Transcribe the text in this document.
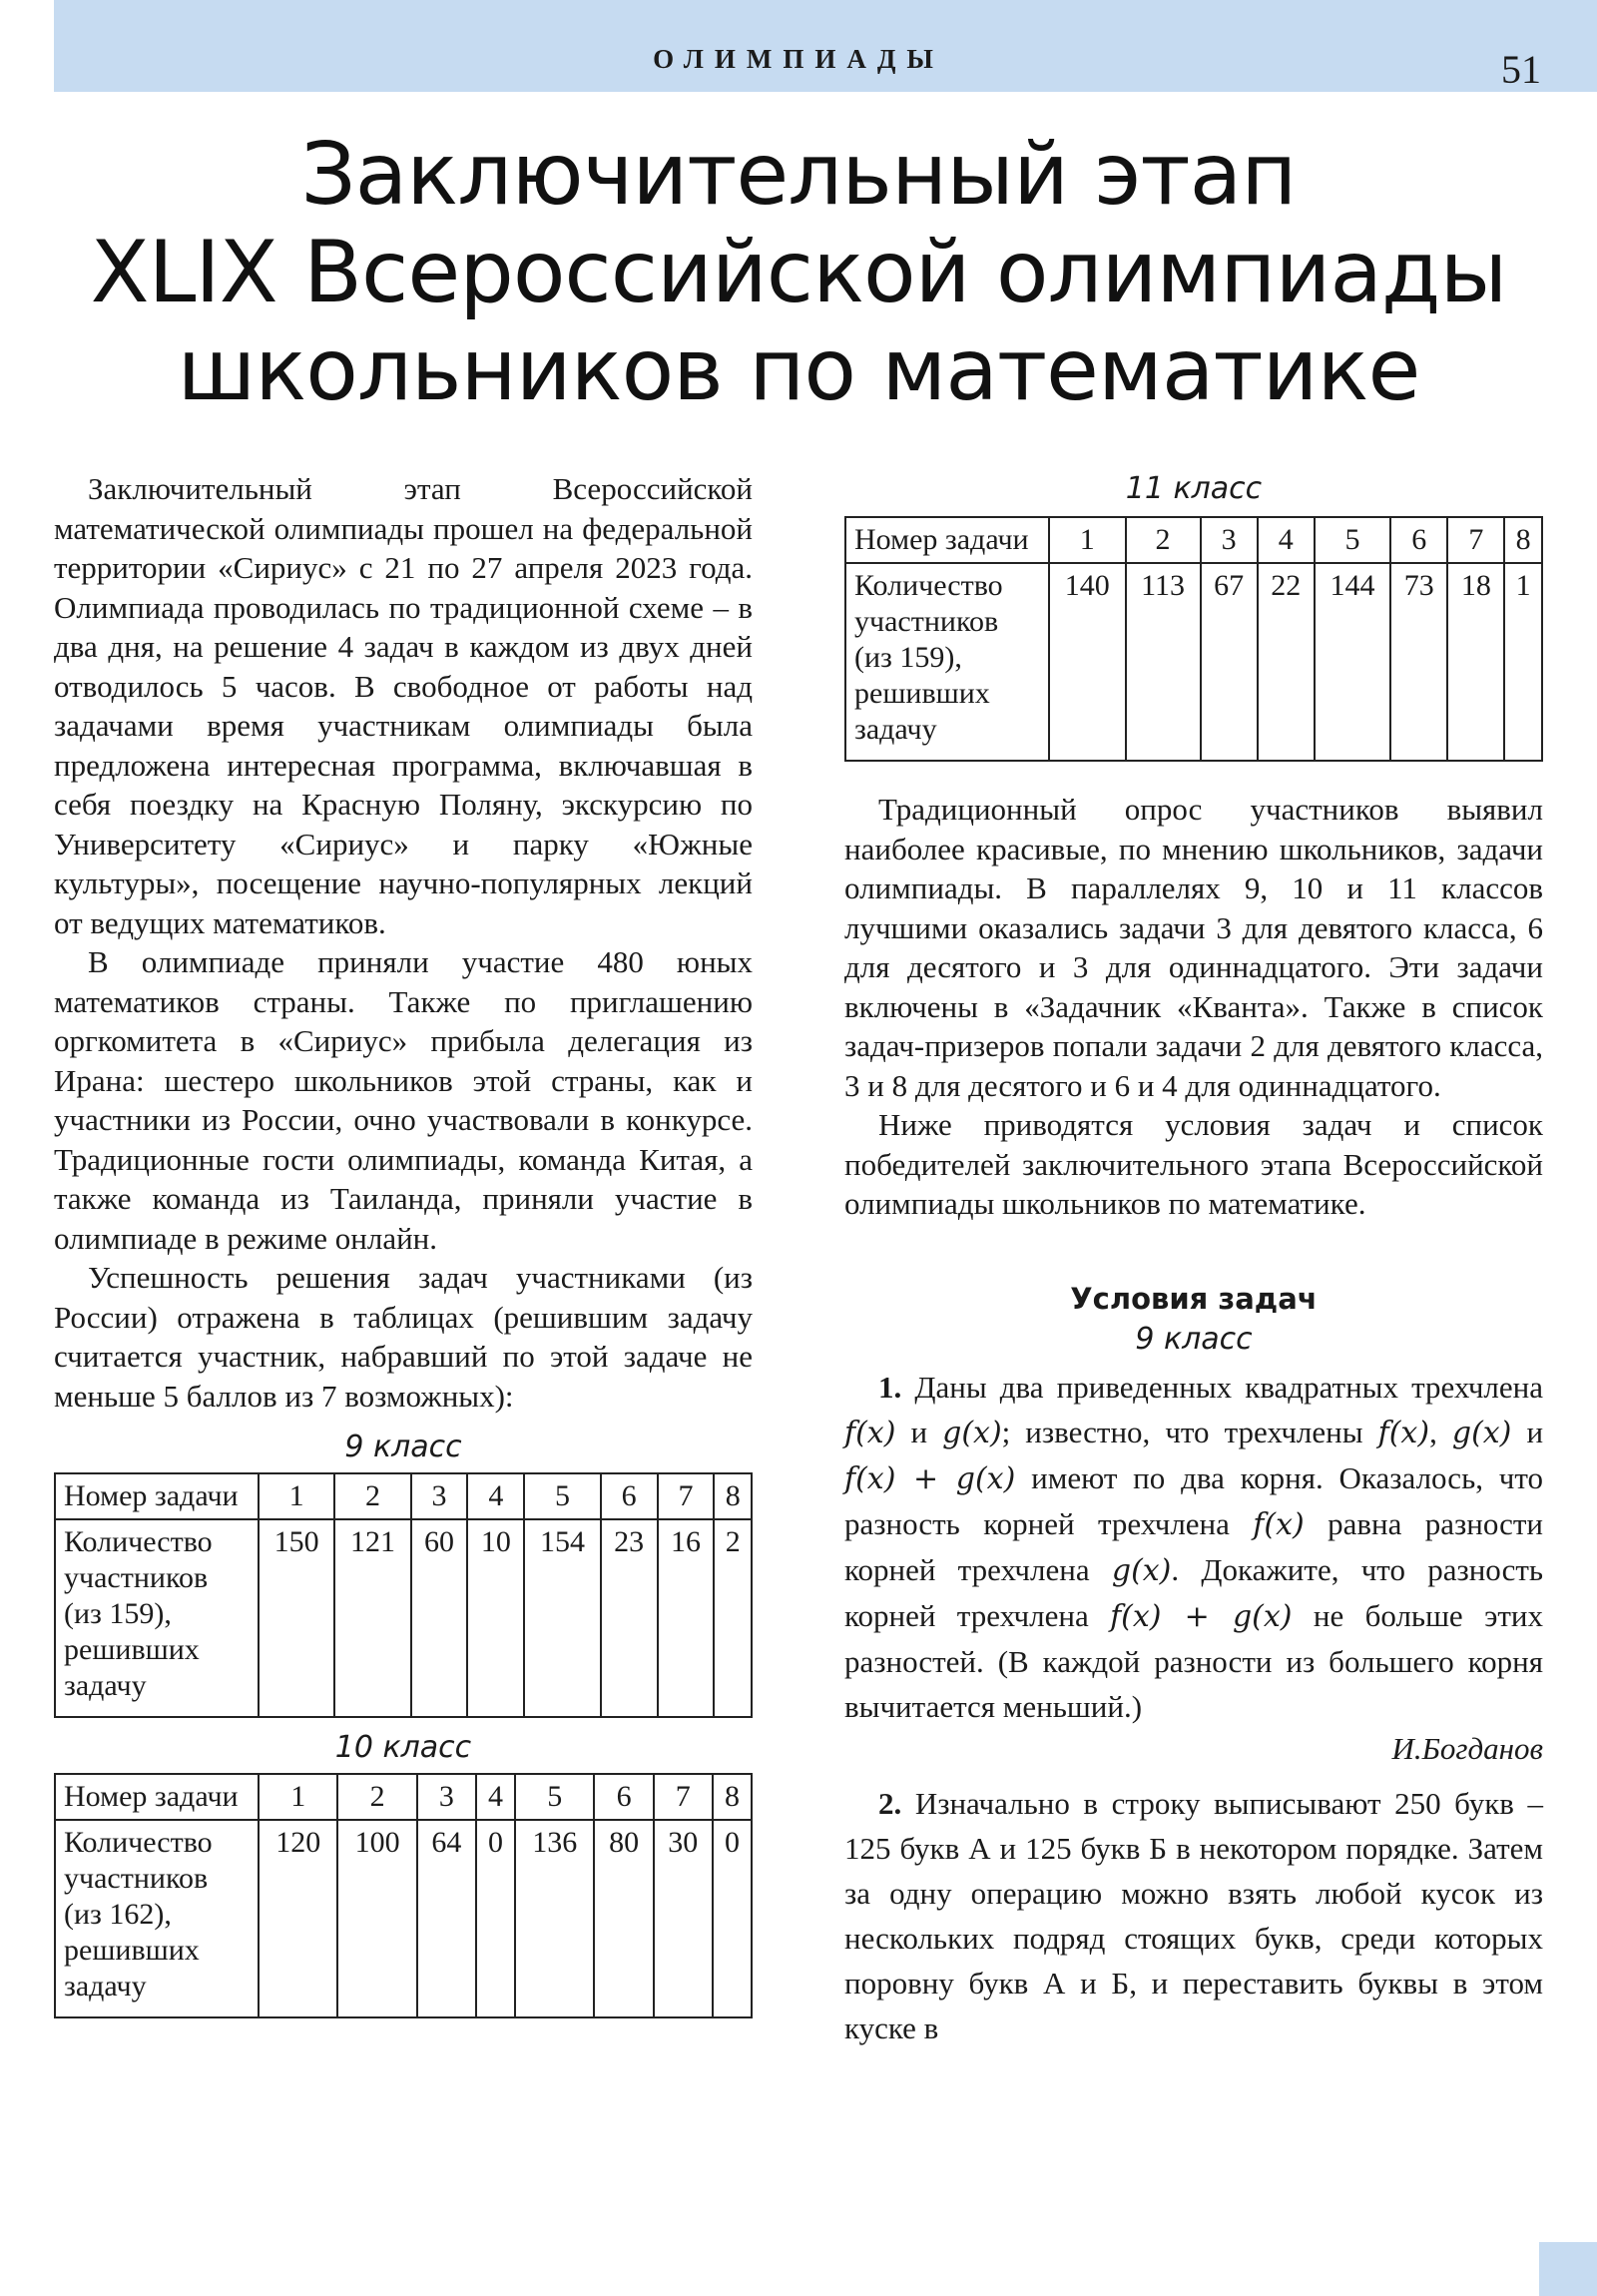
ОЛИМПИАДЫ	51
Заключительный этап
XLIX Всероссийской олимпиады
школьников по математике

Заключительный этап Всероссийской математической олимпиады прошел на федеральной территории «Сириус» с 21 по 27 апреля 2023 года. Олимпиада проводилась по традиционной схеме – в два дня, на решение 4 задач в каждом из двух дней отводилось 5 часов. В свободное от работы над задачами время участникам олимпиады была предложена интересная программа, включавшая в себя поездку на Красную Поляну, экскурсию по Университету «Сириус» и парку «Южные культуры», посещение научно-популярных лекций от ведущих математиков.

В олимпиаде приняли участие 480 юных математиков страны. Также по приглашению оргкомитета в «Сириус» прибыла делегация из Ирана: шестеро школьников этой страны, как и участники из России, очно участвовали в конкурсе. Традиционные гости олимпиады, команда Китая, а также команда из Таиланда, приняли участие в олимпиаде в режиме онлайн.

Успешность решения задач участниками (из России) отражена в таблицах (решившим задачу считается участник, набравший по этой задаче не меньше 5 баллов из 7 возможных):

9 класс

Номер задачи	1	2	3	4	5	6	7	8
Количество участников (из 159), решивших задачу	150	121	60	10	154	23	16	2

10 класс

Номер задачи	1	2	3	4	5	6	7	8
Количество участников (из 162), решивших задачу	120	100	64	0	136	80	30	0

11 класс

Номер задачи	1	2	3	4	5	6	7	8
Количество участников (из 159), решивших задачу	140	113	67	22	144	73	18	1

Традиционный опрос участников выявил наиболее красивые, по мнению школьников, задачи олимпиады. В параллелях 9, 10 и 11 классов лучшими оказались задачи 3 для девятого класса, 6 для десятого и 3 для одиннадцатого. Эти задачи включены в «Задачник «Кванта». Также в список задач-призеров попали задачи 2 для девятого класса, 3 и 8 для десятого и 6 и 4 для одиннадцатого.

Ниже приводятся условия задач и список победителей заключительного этапа Всероссийской олимпиады школьников по математике.

Условия задач

9 класс

1. Даны два приведенных квадратных трехчлена f(x) и g(x); известно, что трехчлены f(x), g(x) и f(x) + g(x) имеют по два корня. Оказалось, что разность корней трехчлена f(x) равна разности корней трехчлена g(x). Докажите, что разность корней трехчлена f(x) + g(x) не больше этих разностей. (В каждой разности из большего корня вычитается меньший.)

И.Богданов

2. Изначально в строку выписывают 250 букв – 125 букв А и 125 букв Б в некотором порядке. Затем за одну операцию можно взять любой кусок из нескольких подряд стоящих букв, среди которых поровну букв А и Б, и переставить буквы в этом куске в
